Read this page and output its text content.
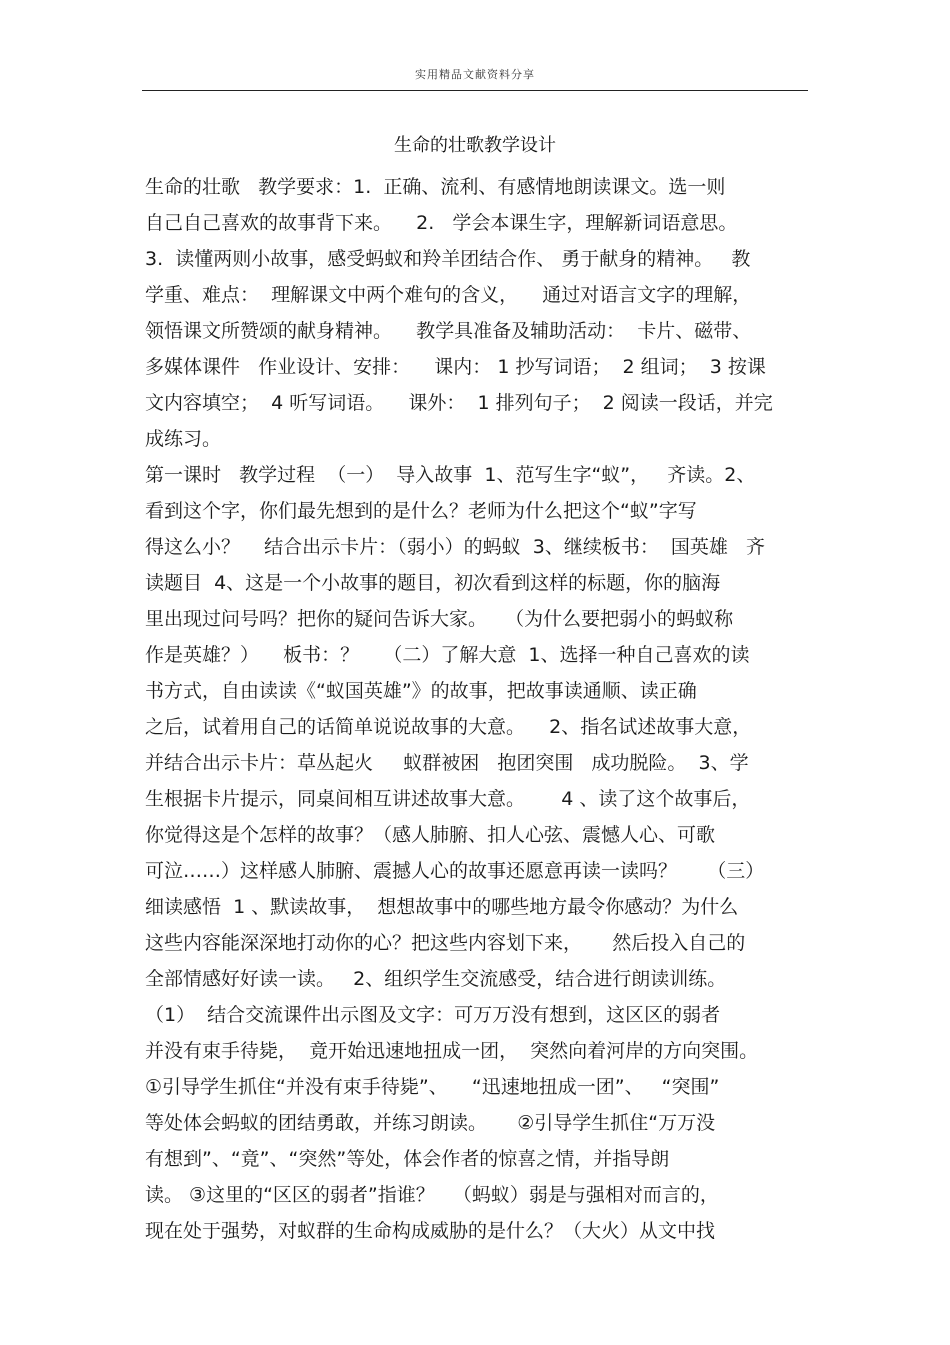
实用精品文献资料分享
生命的壮歌教学设计
生命的壮歌   教学要求：1.  正确、流利、有感情地朗读课文。选一则
自己自己喜欢的故事背下来。    2.   学会本课生字，理解新词语意思。
3.  读懂两则小故事，感受蚂蚁和羚羊团结合作、 勇于献身的精神。   教
学重、难点：  理解课文中两个难句的含义，    通过对语言文字的理解，
领悟课文所赞颂的献身精神。    教学具准备及辅助活动：  卡片、磁带、
多媒体课件   作业设计、安排：    课内： 1 抄写词语；  2 组词；  3 按课
文内容填空；  4 听写词语。    课外：  1 排列句子；  2 阅读一段话，并完
成练习。
第一课时   教学过程  （一）  导入故事  1、范写生字“蚁”，   齐读。2、
看到这个字，你们最先想到的是什么？老师为什么把这个“蚁”字写
得这么小？    结合出示卡片：（弱小）的蚂蚁  3、继续板书：  国英雄   齐
读题目  4、这是一个小故事的题目，初次看到这样的标题，你的脑海
里出现过问号吗？把你的疑问告诉大家。   （为什么要把弱小的蚂蚁称
作是英雄？）    板书：？    （二）了解大意  1、选择一种自己喜欢的读
书方式，自由读读《“蚁国英雄”》的故事，把故事读通顺、读正确
之后，试着用自己的话简单说说故事的大意。    2、指名试述故事大意，
并结合出示卡片：草丛起火     蚁群被困   抱团突围   成功脱险。  3、学
生根据卡片提示，同桌间相互讲述故事大意。      4 、读了这个故事后，
你觉得这是个怎样的故事？（感人肺腑、扣人心弦、震憾人心、可歌
可泣……）这样感人肺腑、震撼人心的故事还愿意再读一读吗？     （三）
细读感悟  1 、默读故事，  想想故事中的哪些地方最令你感动？为什么
这些内容能深深地打动你的心？把这些内容划下来，     然后投入自己的
全部情感好好读一读。   2、组织学生交流感受，结合进行朗读训练。
（1）  结合交流课件出示图及文字：可万万没有想到，这区区的弱者
并没有束手待毙，  竟开始迅速地扭成一团，  突然向着河岸的方向突围。
①引导学生抓住“并没有束手待毙”、    “迅速地扭成一团”、   “突围”
等处体会蚂蚁的团结勇敢，并练习朗读。     ②引导学生抓住“万万没
有想到”、“竟”、“突然”等处，体会作者的惊喜之情，并指导朗
读。 ③这里的“区区的弱者”指谁？   （蚂蚁）弱是与强相对而言的，
现在处于强势，对蚁群的生命构成威胁的是什么？（大火）从文中找
